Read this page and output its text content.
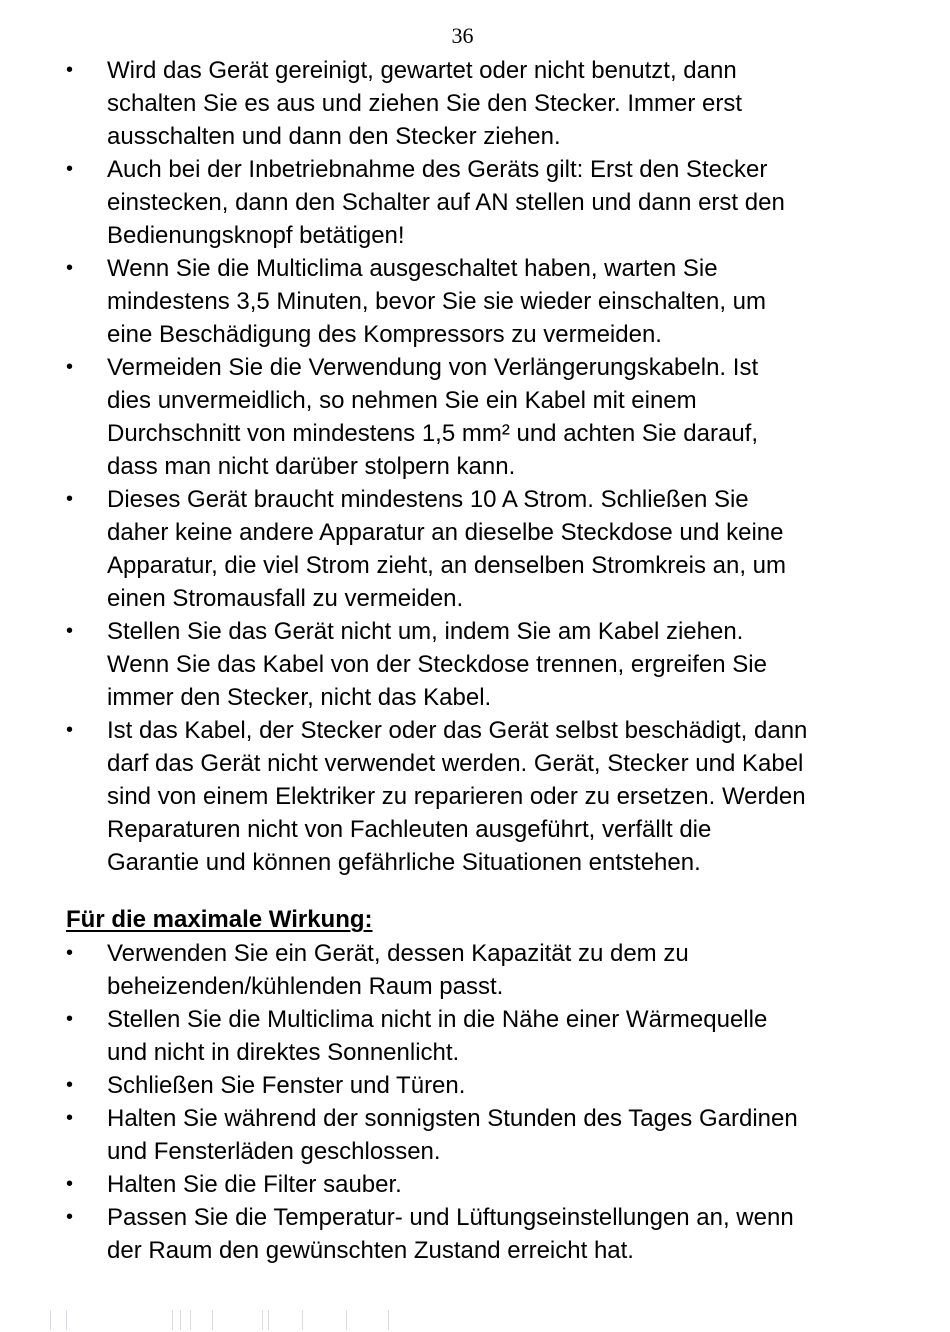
36
•	Wird das Gerät gereinigt, gewartet oder nicht benutzt, dann
schalten Sie es aus und ziehen Sie den Stecker. Immer erst
ausschalten und dann den Stecker ziehen.
•	Auch bei der Inbetriebnahme des Geräts gilt: Erst den Stecker
einstecken, dann den Schalter auf AN stellen und dann erst den
Bedienungsknopf betätigen!
•	Wenn Sie die Multiclima ausgeschaltet haben, warten Sie
mindestens 3,5 Minuten, bevor Sie sie wieder einschalten, um
eine Beschädigung des Kompressors zu vermeiden.
•	Vermeiden Sie die Verwendung von Verlängerungskabeln. Ist
dies unvermeidlich, so nehmen Sie ein Kabel mit einem
Durchschnitt von mindestens 1,5 mm² und achten Sie darauf,
dass man nicht darüber stolpern kann.
•	Dieses Gerät braucht mindestens 10 A Strom. Schließen Sie
daher keine andere Apparatur an dieselbe Steckdose und keine
Apparatur, die viel Strom zieht, an denselben Stromkreis an, um
einen Stromausfall zu vermeiden.
•	Stellen Sie das Gerät nicht um, indem Sie am Kabel ziehen.
Wenn Sie das Kabel von der Steckdose trennen, ergreifen Sie
immer den Stecker, nicht das Kabel.
•	Ist das Kabel, der Stecker oder das Gerät selbst beschädigt, dann
darf das Gerät nicht verwendet werden. Gerät, Stecker und Kabel
sind von einem Elektriker zu reparieren oder zu ersetzen. Werden
Reparaturen nicht von Fachleuten ausgeführt, verfällt die
Garantie und können gefährliche Situationen entstehen.
Für die maximale Wirkung:
•	Verwenden Sie ein Gerät, dessen Kapazität zu dem zu
beheizenden/kühlenden Raum passt.
•	Stellen Sie die Multiclima nicht in die Nähe einer Wärmequelle
und nicht in direktes Sonnenlicht.
•	Schließen Sie Fenster und Türen.
•	Halten Sie während der sonnigsten Stunden des Tages Gardinen
und Fensterläden geschlossen.
•	Halten Sie die Filter sauber.
•	Passen Sie die Temperatur- und Lüftungseinstellungen an, wenn
der Raum den gewünschten Zustand erreicht hat.
